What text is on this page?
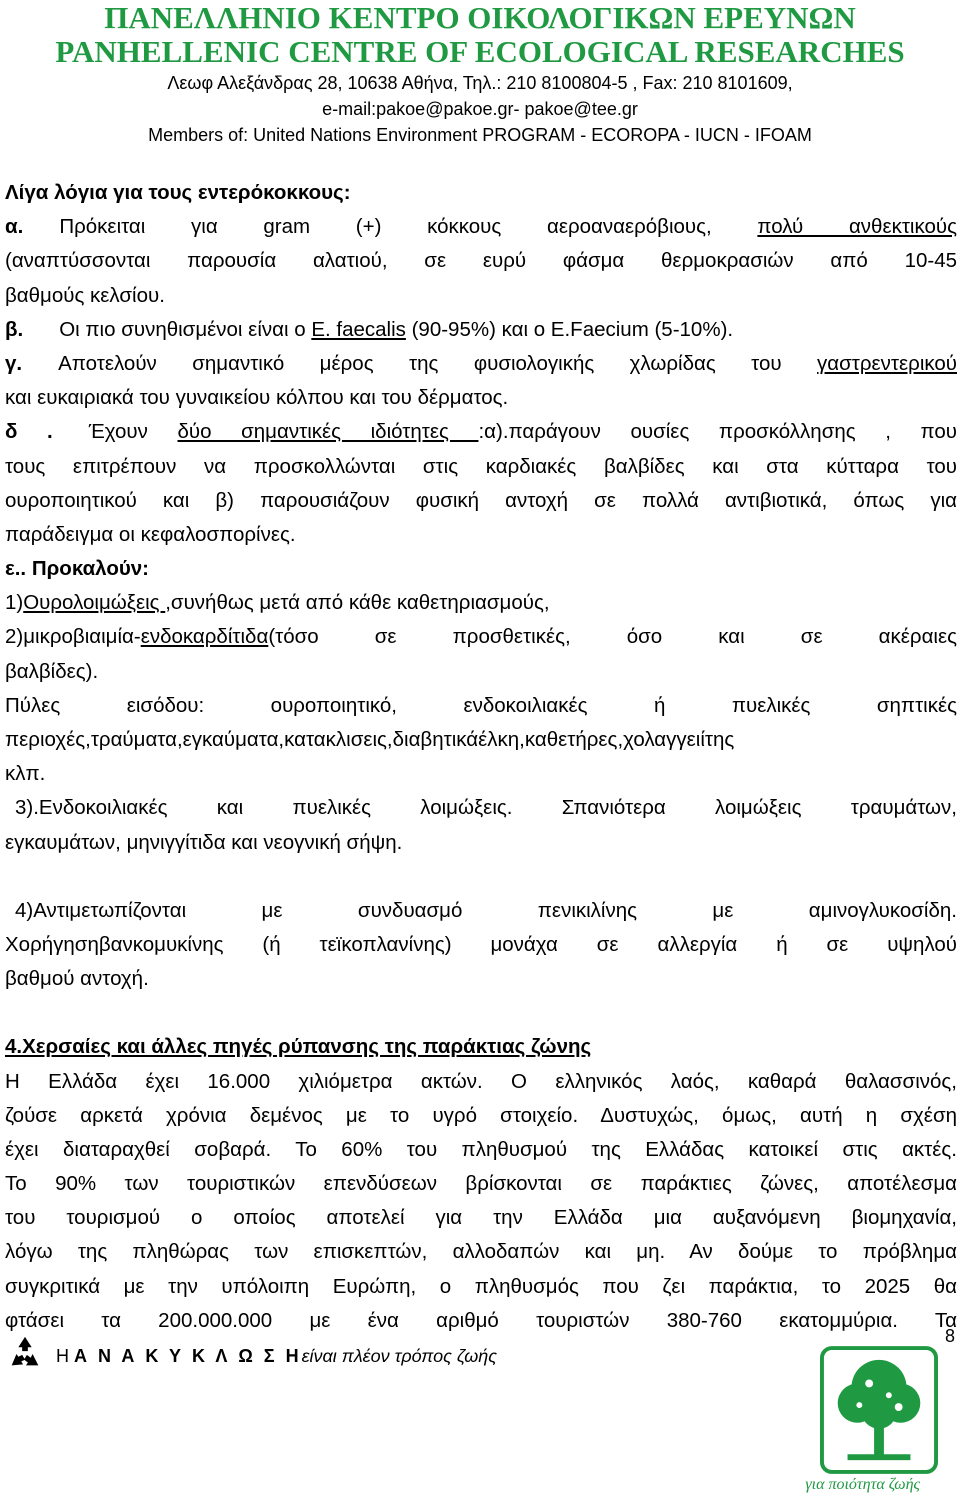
ΠΑΝΕΛΛΗΝΙΟ ΚΕΝΤΡΟ ΟΙΚΟΛΟΓΙΚΩΝ ΕΡΕΥΝΩΝ
PANHELLENIC CENTRE OF ECOLOGICAL RESEARCHES
Λεωφ Αλεξάνδρας 28, 10638 Αθήνα, Τηλ.: 210 8100804-5 , Fax: 210 8101609,
e-mail:pakoe@pakoe.gr- pakoe@tee.gr
Members of: United Nations Environment PROGRAM - ECOROPA - IUCN - IFOAM
Λίγα λόγια για τους εντερόκοκκους:
α. Πρόκειται για gram (+) κόκκους αεροαναερόβιους, πολύ ανθεκτικούς
(αναπτύσσονται παρουσία αλατιού, σε ευρύ φάσμα θερμοκρασιών από 10-45
βαθμούς κελσίου.
β. Οι πιο συνηθισμένοι είναι ο E. faecalis (90-95%) και ο E.Faecium (5-10%).
γ. Αποτελούν σημαντικό μέρος της φυσιολογικής χλωρίδας του γαστρεντερικού
και ευκαιριακά του γυναικείου κόλπου και του δέρματος.
δ . Έχουν δύο σημαντικές ιδιότητες :α).παράγουν ουσίες προσκόλλησης , που
τους επιτρέπουν να προσκολλώνται στις καρδιακές βαλβίδες και στα κύτταρα του
ουροποιητικού και β) παρουσιάζουν φυσική αντοχή σε πολλά αντιβιοτικά, όπως για
παράδειγμα οι κεφαλοσπορίνες.
ε.. Προκαλούν:
1)Ουρολοιμώξεις ,συνήθως μετά από κάθε καθετηριασμούς,
2)μικροβιαιμία-ενδοκαρδίτιδα(τόσο σε προσθετικές, όσο και σε ακέραιες
βαλβίδες).
Πύλες εισόδου: ουροποιητικό, ενδοκοιλιακές ή πυελικές σηπτικές
περιοχές,τραύματα,εγκαύματα,κατακλισεις,διαβητικάέλκη,καθετήρες,χολαγγειίτης
κλπ.
3).Ενδοκοιλιακές και πυελικές λοιμώξεις. Σπανιότερα λοιμώξεις τραυμάτων,
εγκαυμάτων, μηνιγγίτιδα και νεογνική σήψη.
4)Αντιμετωπίζονται με συνδυασμό πενικιλίνης με αμινογλυκοσίδη.
Χορήγησηβανκομυκίνης (ή τεϊκοπλανίνης) μονάχα σε αλλεργία ή σε υψηλού
βαθμού αντοχή.
4.Χερσαίες και άλλες πηγές ρύπανσης της παράκτιας ζώνης
Η Ελλάδα έχει 16.000 χιλιόμετρα ακτών. Ο ελληνικός λαός, καθαρά θαλασσινός,
ζούσε αρκετά χρόνια δεμένος με το υγρό στοιχείο. Δυστυχώς, όμως, αυτή η σχέση
έχει διαταραχθεί σοβαρά. Το 60% του πληθυσμού της Ελλάδας κατοικεί στις ακτές.
Το 90% των τουριστικών επενδύσεων βρίσκονται σε παράκτιες ζώνες, αποτέλεσμα
του τουρισμού ο οποίος αποτελεί για την Ελλάδα μια αυξανόμενη βιομηχανία,
λόγω της πληθώρας των επισκεπτών, αλλοδαπών και μη. Αν δούμε το πρόβλημα
συγκριτικά με την υπόλοιπη Ευρώπη, ο πληθυσμός που ζει παράκτια, το 2025 θα
φτάσει τα 200.000.000 με ένα αριθμό τουριστών 380-760 εκατομμύρια. Τα
Η Α Ν Α Κ Υ Κ Λ Ω Σ Ηείναι πλέον τρόπος ζωής
8
για ποιότητα ζωής
